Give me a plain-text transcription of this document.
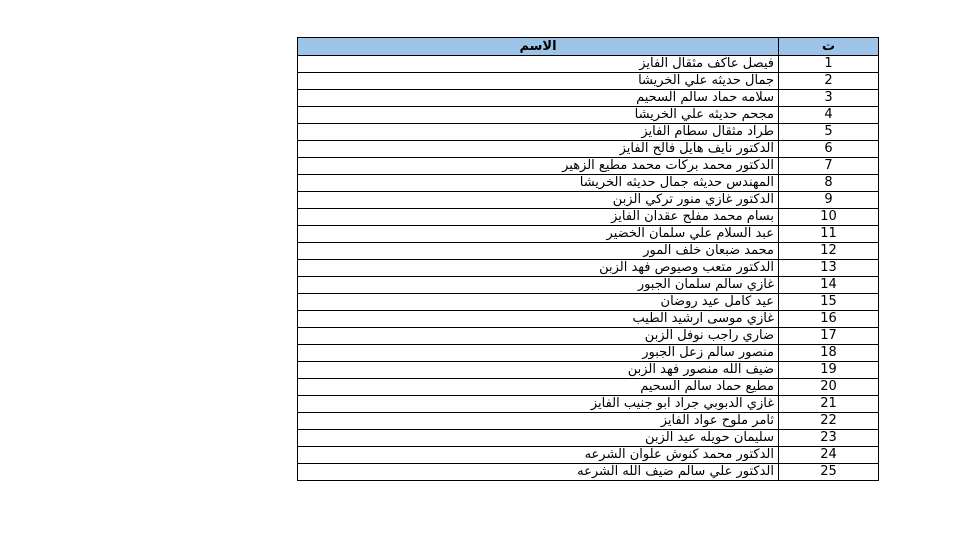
ت	الاسم
1	فيصل عاكف مثقال الفايز
2	جمال حديثه علي الخريشا
3	سلامه حماد سالم السحيم
4	مجحم حديثه علي الخريشا
5	طراد مثقال سطام الفايز
6	الدكتور نايف هايل فالح الفايز
7	الدكتور محمد بركات محمد مطيع الزهير
8	المهندس حديثه جمال حديثه الخريشا
9	الدكتور غازي منور تركي الزبن
10	بسام محمد مفلح عقدان الفايز
11	عبد السلام علي سلمان الخضير
12	محمد ضبعان خلف المور
13	الدكتور متعب وصيوص فهد الزبن
14	غازي سالم سلمان الجبور
15	عيد كامل عيد روضان
16	غازي موسى ارشيد الطيب
17	ضاري راجب نوفل الزبن
18	منصور سالم زعل الجبور
19	ضيف الله منصور فهد الزبن
20	مطيع حماد سالم السحيم
21	غازي الدبوبي جراد ابو جنيب الفايز
22	ثامر ملوح عواد الفايز
23	سليمان حويله عيد الزبن
24	الدكتور محمد كنوش علوان الشرعه
25	الدكتور علي سالم ضيف الله الشرعه
